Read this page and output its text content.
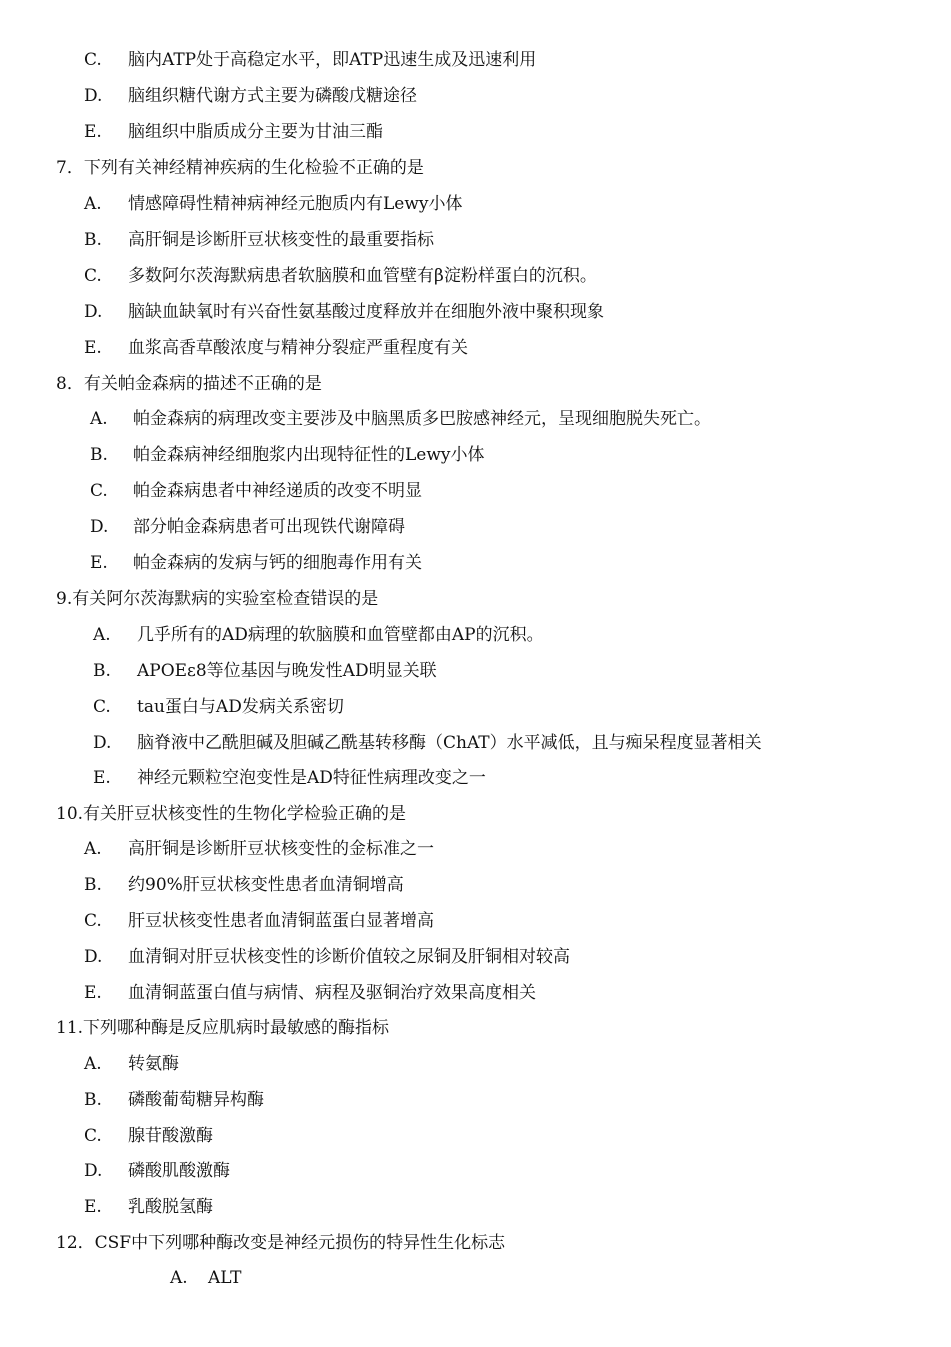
C. 脑内ATP处于高稳定水平，即ATP迅速生成及迅速利用
D. 脑组织糖代谢方式主要为磷酸戊糖途径
E. 脑组织中脂质成分主要为甘油三酯
7．下列有关神经精神疾病的生化检验不正确的是
A. 情感障碍性精神病神经元胞质内有Lewy小体
B. 高肝铜是诊断肝豆状核变性的最重要指标
C. 多数阿尔茨海默病患者软脑膜和血管壁有β淀粉样蛋白的沉积。
D. 脑缺血缺氧时有兴奋性氨基酸过度释放并在细胞外液中聚积现象
E. 血浆高香草酸浓度与精神分裂症严重程度有关
8．有关帕金森病的描述不正确的是
A. 帕金森病的病理改变主要涉及中脑黑质多巴胺感神经元，呈现细胞脱失死亡。
B. 帕金森病神经细胞浆内出现特征性的Lewy小体
C. 帕金森病患者中神经递质的改变不明显
D. 部分帕金森病患者可出现铁代谢障碍
E. 帕金森病的发病与钙的细胞毒作用有关
9.有关阿尔茨海默病的实验室检查错误的是
A. 几乎所有的AD病理的软脑膜和血管壁都由AP的沉积。
B. APOEε8等位基因与晚发性AD明显关联
C. tau蛋白与AD发病关系密切
D. 脑脊液中乙酰胆碱及胆碱乙酰基转移酶（ChAT）水平减低，且与痴呆程度显著相关
E. 神经元颗粒空泡变性是AD特征性病理改变之一
10.有关肝豆状核变性的生物化学检验正确的是
A. 高肝铜是诊断肝豆状核变性的金标准之一
B. 约90%肝豆状核变性患者血清铜增高
C. 肝豆状核变性患者血清铜蓝蛋白显著增高
D. 血清铜对肝豆状核变性的诊断价值较之尿铜及肝铜相对较高
E. 血清铜蓝蛋白值与病情、病程及驱铜治疗效果高度相关
11.下列哪种酶是反应肌病时最敏感的酶指标
A. 转氨酶
B. 磷酸葡萄糖异构酶
C. 腺苷酸激酶
D. 磷酸肌酸激酶
E. 乳酸脱氢酶
12．CSF中下列哪种酶改变是神经元损伤的特异性生化标志
A. ALT
